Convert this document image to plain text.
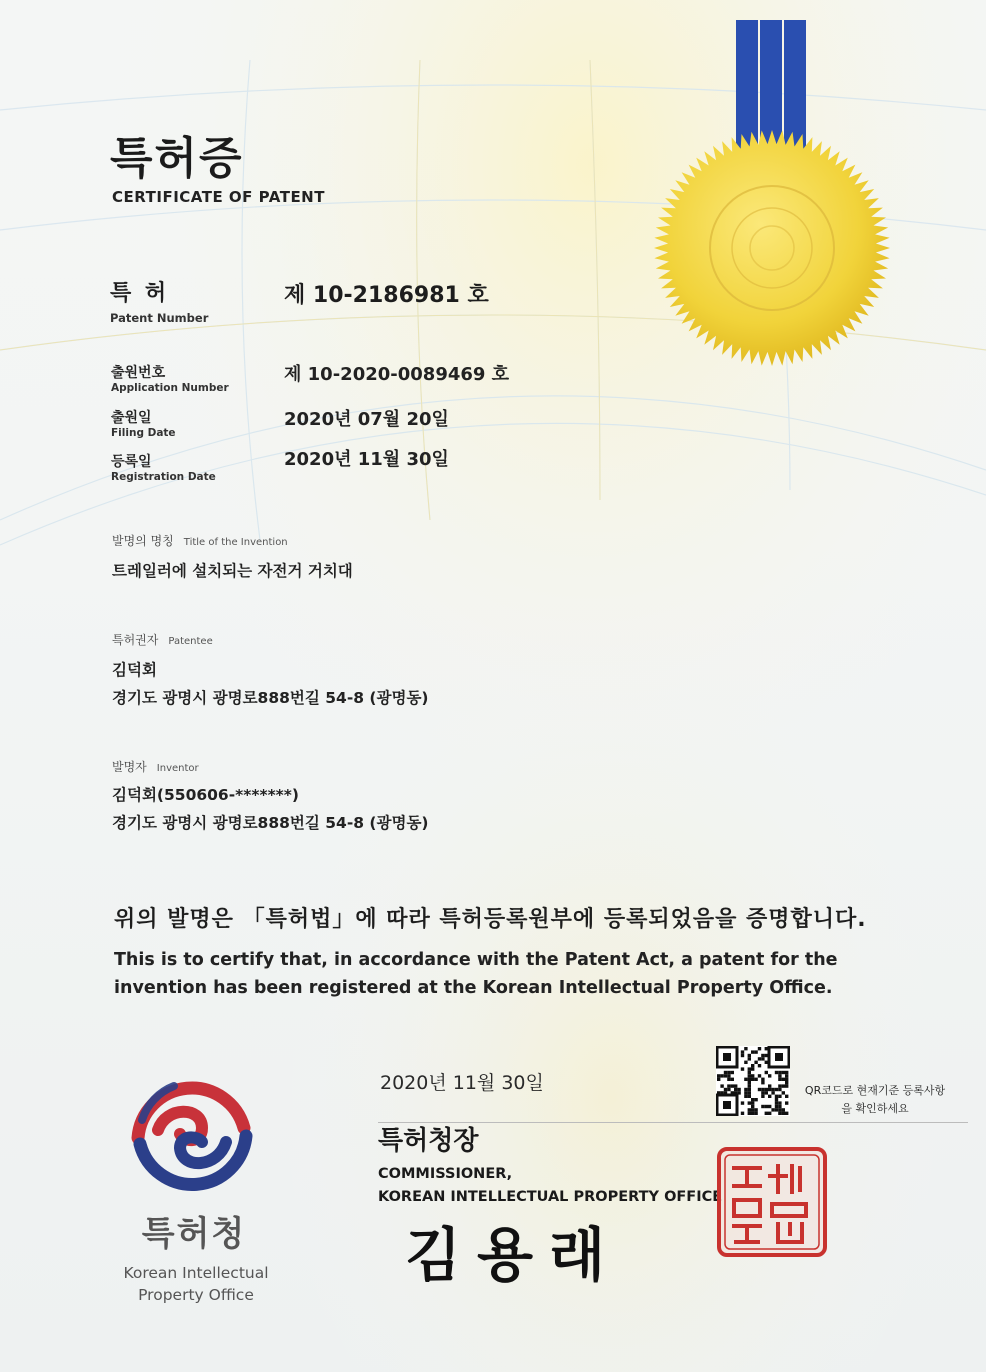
특허증
CERTIFICATE OF PATENT
특 허
Patent Number
제 10-2186981 호
출원번호
Application Number
제 10-2020-0089469 호
출원일
Filing Date
2020년 07월 20일
등록일
Registration Date
2020년 11월 30일
발명의 명칭 Title of the Invention
트레일러에 설치되는 자전거 거치대
특허권자 Patentee
김덕회
경기도 광명시 광명로888번길 54-8 (광명동)
발명자 Inventor
김덕회(550606-*******)
경기도 광명시 광명로888번길 54-8 (광명동)
위의 발명은 「특허법」에 따라 특허등록원부에 등록되었음을 증명합니다.
This is to certify that, in accordance with the Patent Act, a patent for the invention has been registered at the Korean Intellectual Property Office.
2020년 11월 30일	QR코드로 현재기준 등록사항을 확인하세요
특허청장
COMMISSIONER,
KOREAN INTELLECTUAL PROPERTY OFFICE
김용래
특허청
Korean Intellectual Property Office
